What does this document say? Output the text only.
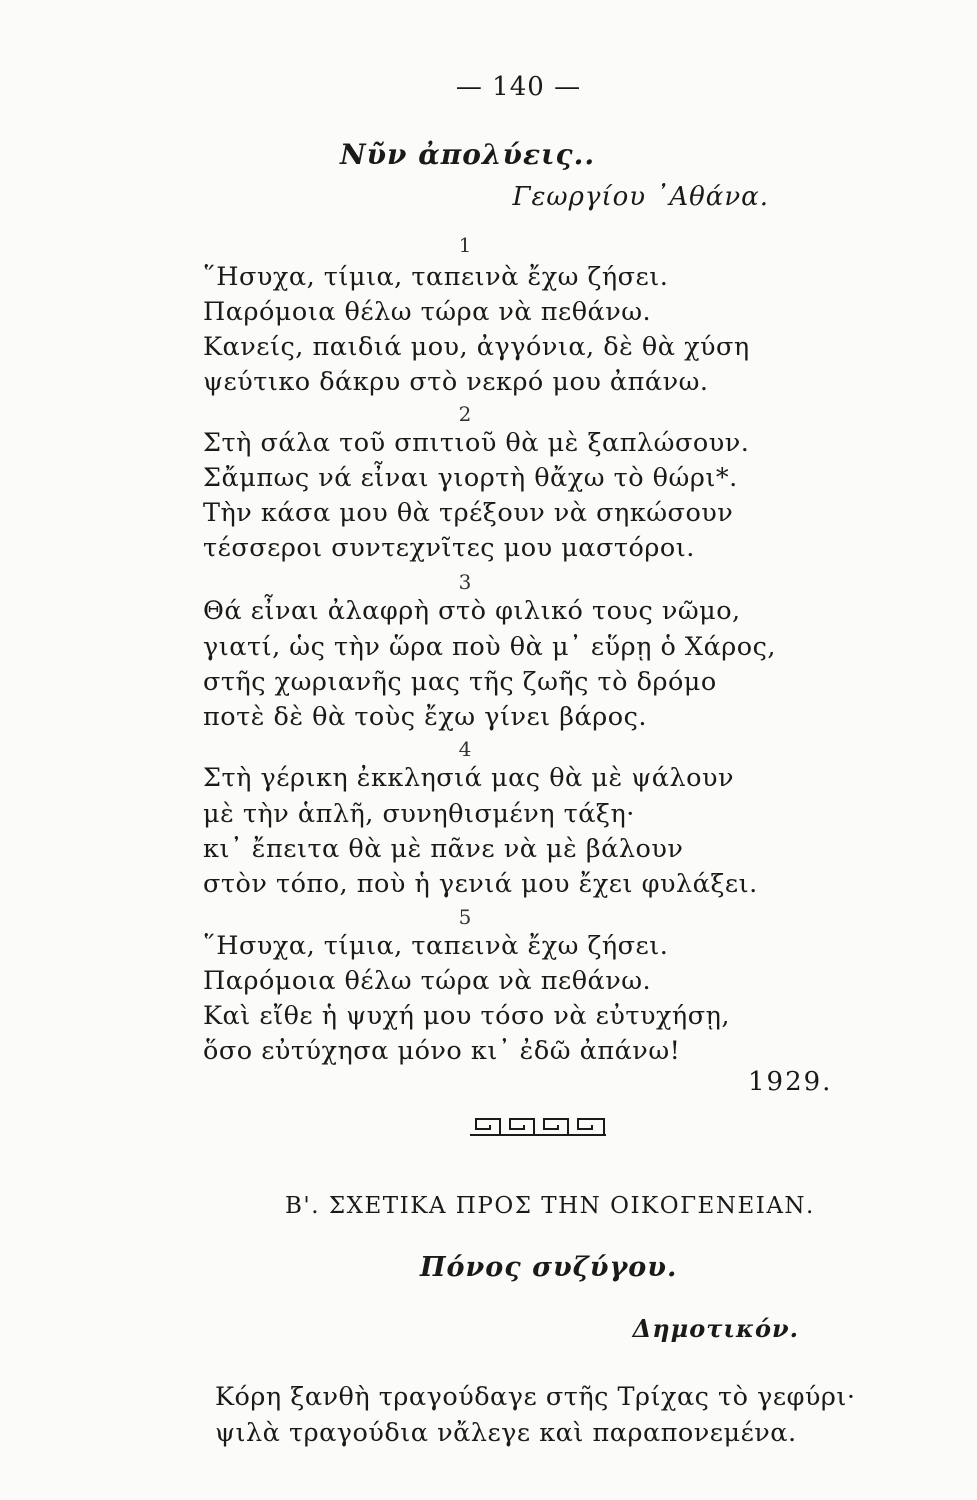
— 140 —
Νῦν ἀπολύεις..
Γεωργίου ᾿Αθάνα.
1
῞Ησυχα, τίμια, ταπεινὰ ἔχω ζήσει.
Παρόμοια θέλω τώρα νὰ πεθάνω.
Κανείς, παιδιά μου, ἀγγόνια, δὲ θὰ χύση
ψεύτικο δάκρυ στὸ νεκρό μου ἀπάνω.
2
Στὴ σάλα τοῦ σπιτιοῦ θὰ μὲ ξαπλώσουν.
Σἄμπως νά εἶναι γιορτὴ θἄχω τὸ θώρι*.
Τὴν κάσα μου θὰ τρέξουν νὰ σηκώσουν
τέσσεροι συντεχνῖτες μου μαστόροι.
3
Θά εἶναι ἀλαφρὴ στὸ φιλικό τους νῶμο,
γιατί, ὡς τὴν ὥρα ποὺ θὰ μ᾿ εὕρῃ ὁ Χάρος,
στῆς χωριανῆς μας τῆς ζωῆς τὸ δρόμο
ποτὲ δὲ θὰ τοὺς ἔχω γίνει βάρος.
4
Στὴ γέρικη ἐκκλησιά μας θὰ μὲ ψάλουν
μὲ τὴν ἁπλῆ, συνηθισμένη τάξη·
κι᾿ ἔπειτα θὰ μὲ πᾶνε νὰ μὲ βάλουν
στὸν τόπο, ποὺ ἡ γενιά μου ἔχει φυλάξει.
5
῞Ησυχα, τίμια, ταπεινὰ ἔχω ζήσει.
Παρόμοια θέλω τώρα νὰ πεθάνω.
Καὶ εἴθε ἡ ψυχή μου τόσο νὰ εὐτυχήσῃ,
ὅσο εὐτύχησα μόνο κι᾿ ἐδῶ ἀπάνω!
1929.
Β'. ΣΧΕΤΙΚΑ ΠΡΟΣ ΤΗΝ ΟΙΚΟΓΕΝΕΙΑΝ.
Πόνος συζύγου.
Δημοτικόν.
Κόρη ξανθὴ τραγούδαγε στῆς Τρίχας τὸ γεφύρι·
ψιλὰ τραγούδια νἄλεγε καὶ παραπονεμένα.
